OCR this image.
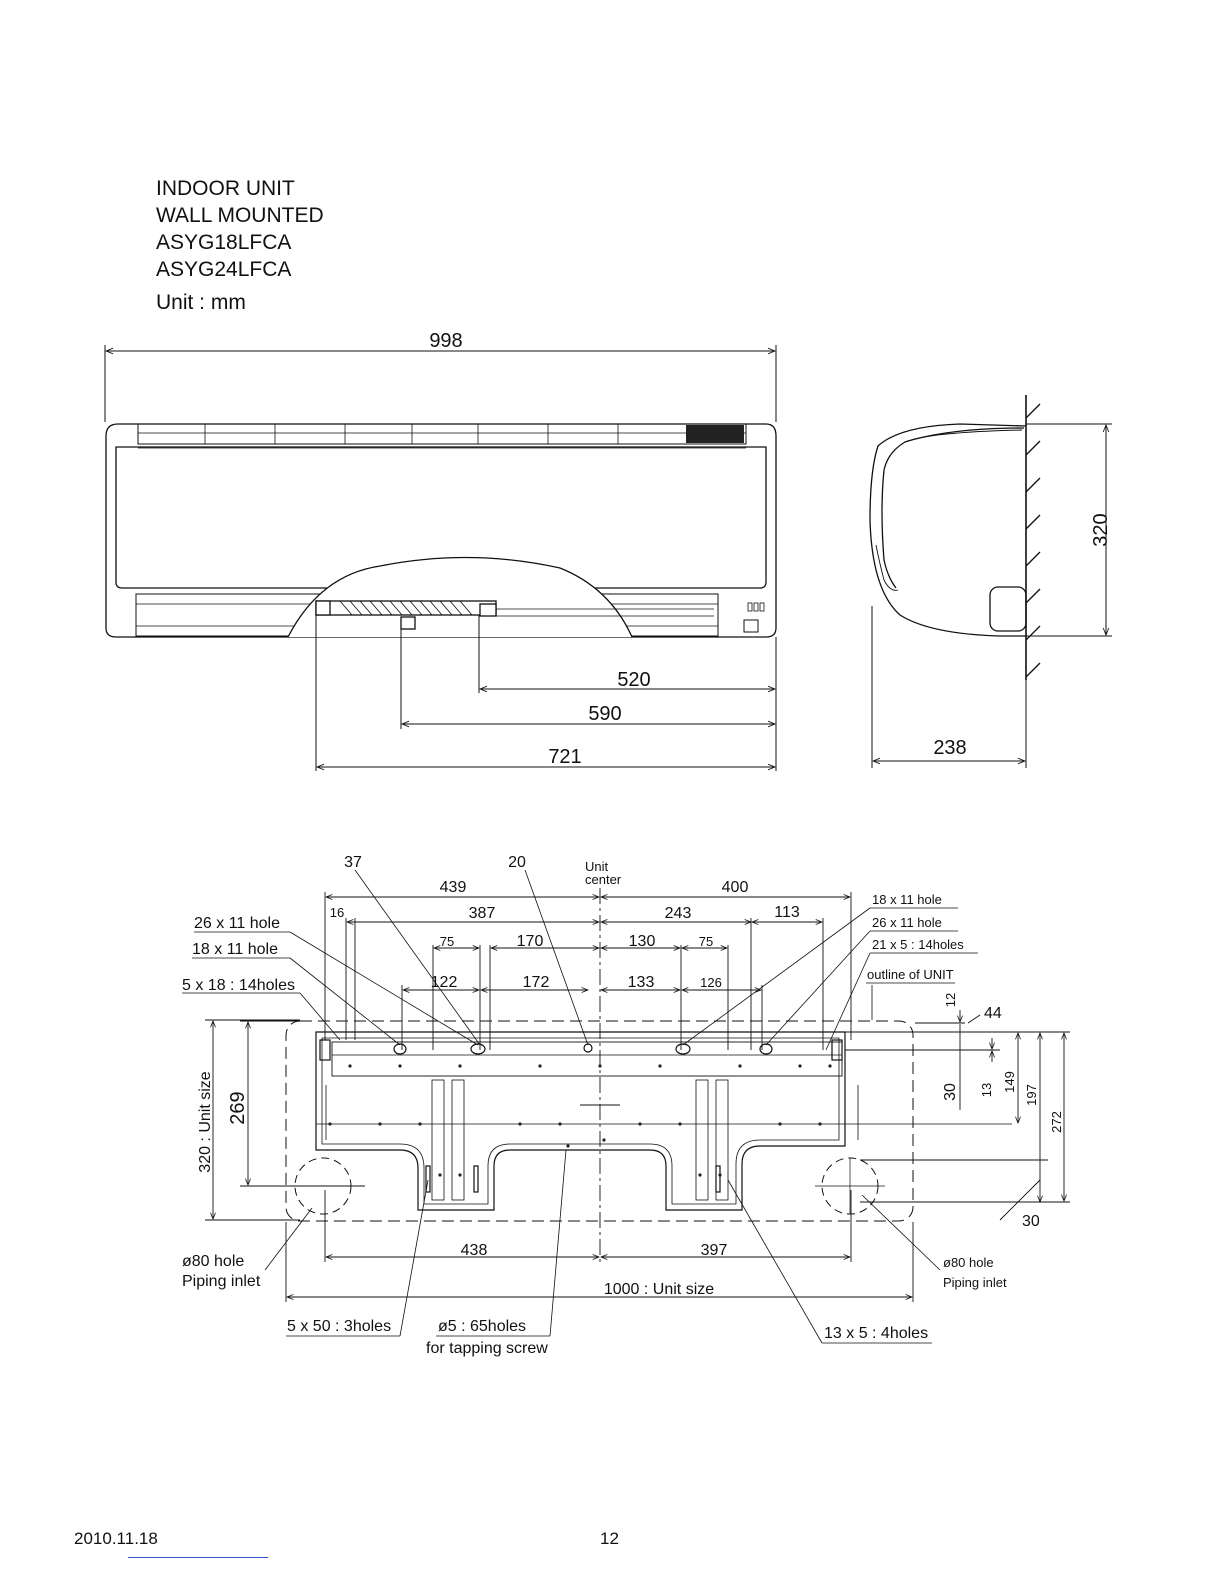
INDOOR UNIT
WALL MOUNTED
ASYG18LFCA
ASYG24LFCA
Unit : mm
998
520
590
721
320
238
37	20	Unit
center
439	400
16	387	243	113
75	170	130	75
122	172	133	126
26 x 11 hole
18 x 11 hole
5 x 18 : 14holes
18 x 11 hole
26 x 11 hole
21 x 5 : 14holes
outline of UNIT
12
44
30 13 149
197
272
30
269
320 : Unit size
438	397
1000 : Unit size
ø80 hole
Piping inlet
ø80 hole
Piping inlet
5 x 50 : 3holes	ø5 : 65holes
for tapping screw
13 x 5 : 4holes
2010.11.18	12
